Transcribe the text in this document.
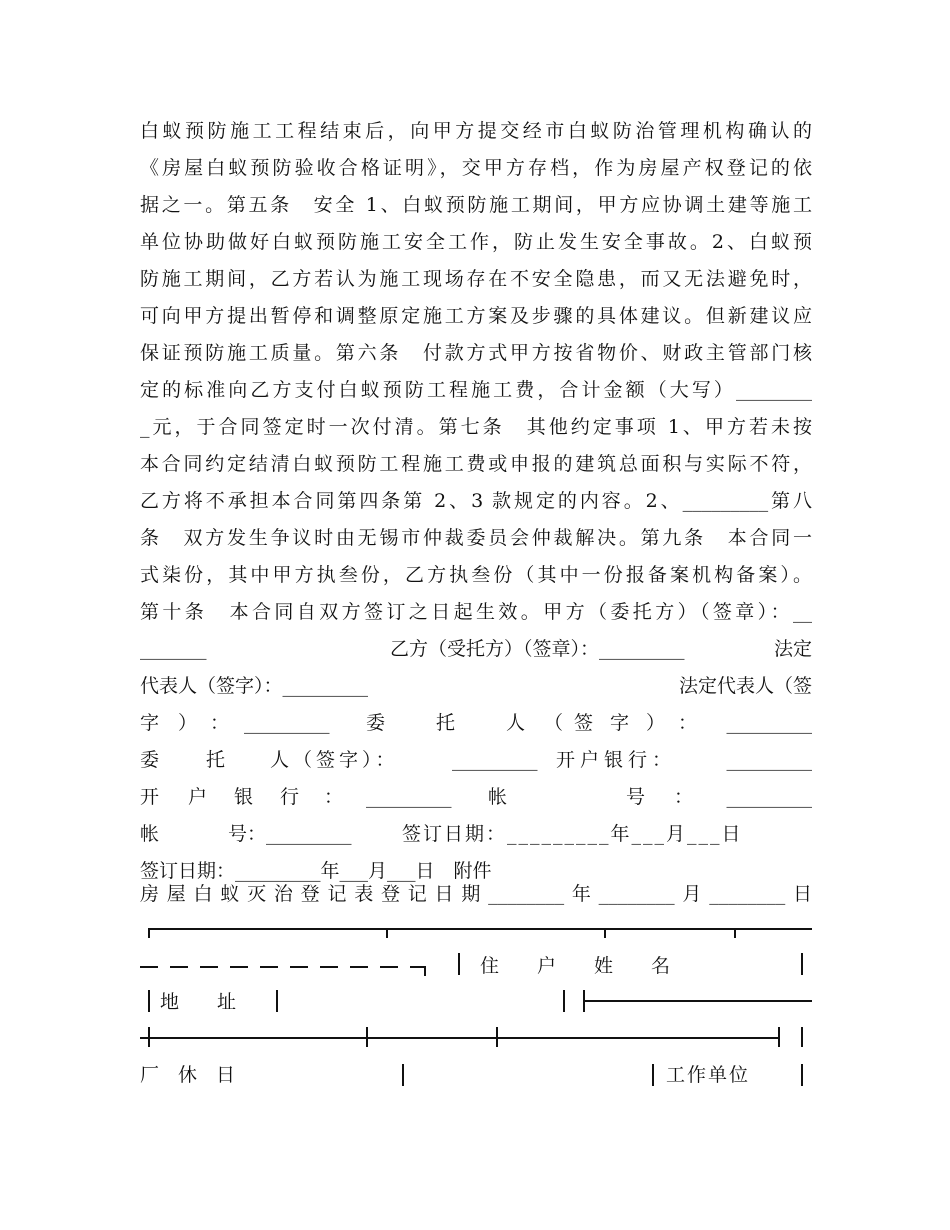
白蚁预防施工工程结束后，向甲方提交经市白蚁防治管理机构确认的
《房屋白蚁预防验收合格证明》，交甲方存档，作为房屋产权登记的依
据之一。第五条　安全 1、白蚁预防施工期间，甲方应协调土建等施工
单位协助做好白蚁预防施工安全工作，防止发生安全事故。2、白蚁预
防施工期间，乙方若认为施工现场存在不安全隐患，而又无法避免时，
可向甲方提出暂停和调整原定施工方案及步骤的具体建议。但新建议应
保证预防施工质量。第六条　付款方式甲方按省物价、财政主管部门核
定的标准向乙方支付白蚁预防工程施工费，合计金额（大写）________
_元，于合同签定时一次付清。第七条　其他约定事项 1、甲方若未按
本合同约定结清白蚁预防工程施工费或申报的建筑总面积与实际不符，
乙方将不承担本合同第四条第 2、3 款规定的内容。2、_________第八
条　双方发生争议时由无锡市仲裁委员会仲裁解决。第九条　本合同一
式柒份，其中甲方执叁份，乙方执叁份（其中一份报备案机构备案）。
第十条　本合同自双方签订之日起生效。甲方（委托方）（签章）：__
_______	乙方（受托方）（签章）：_________	法定
代表人（签字）：_________	法定代表人（签
字 ） ： _________ 委	托	人 （ 签 字 ） ： _________
委 托 人（签字）：	_________ 开户银行：	_________
开 户 银 行 ： _________ 帐	号 ： _________
帐	号：_________	签订日期：_________年___月___日
签订日期：_________年___月___日　附件
房屋白蚁灭治登记表登记日期________年________月________日
住　　户　　姓　　名
地　　址
厂　休　日	工作单位
